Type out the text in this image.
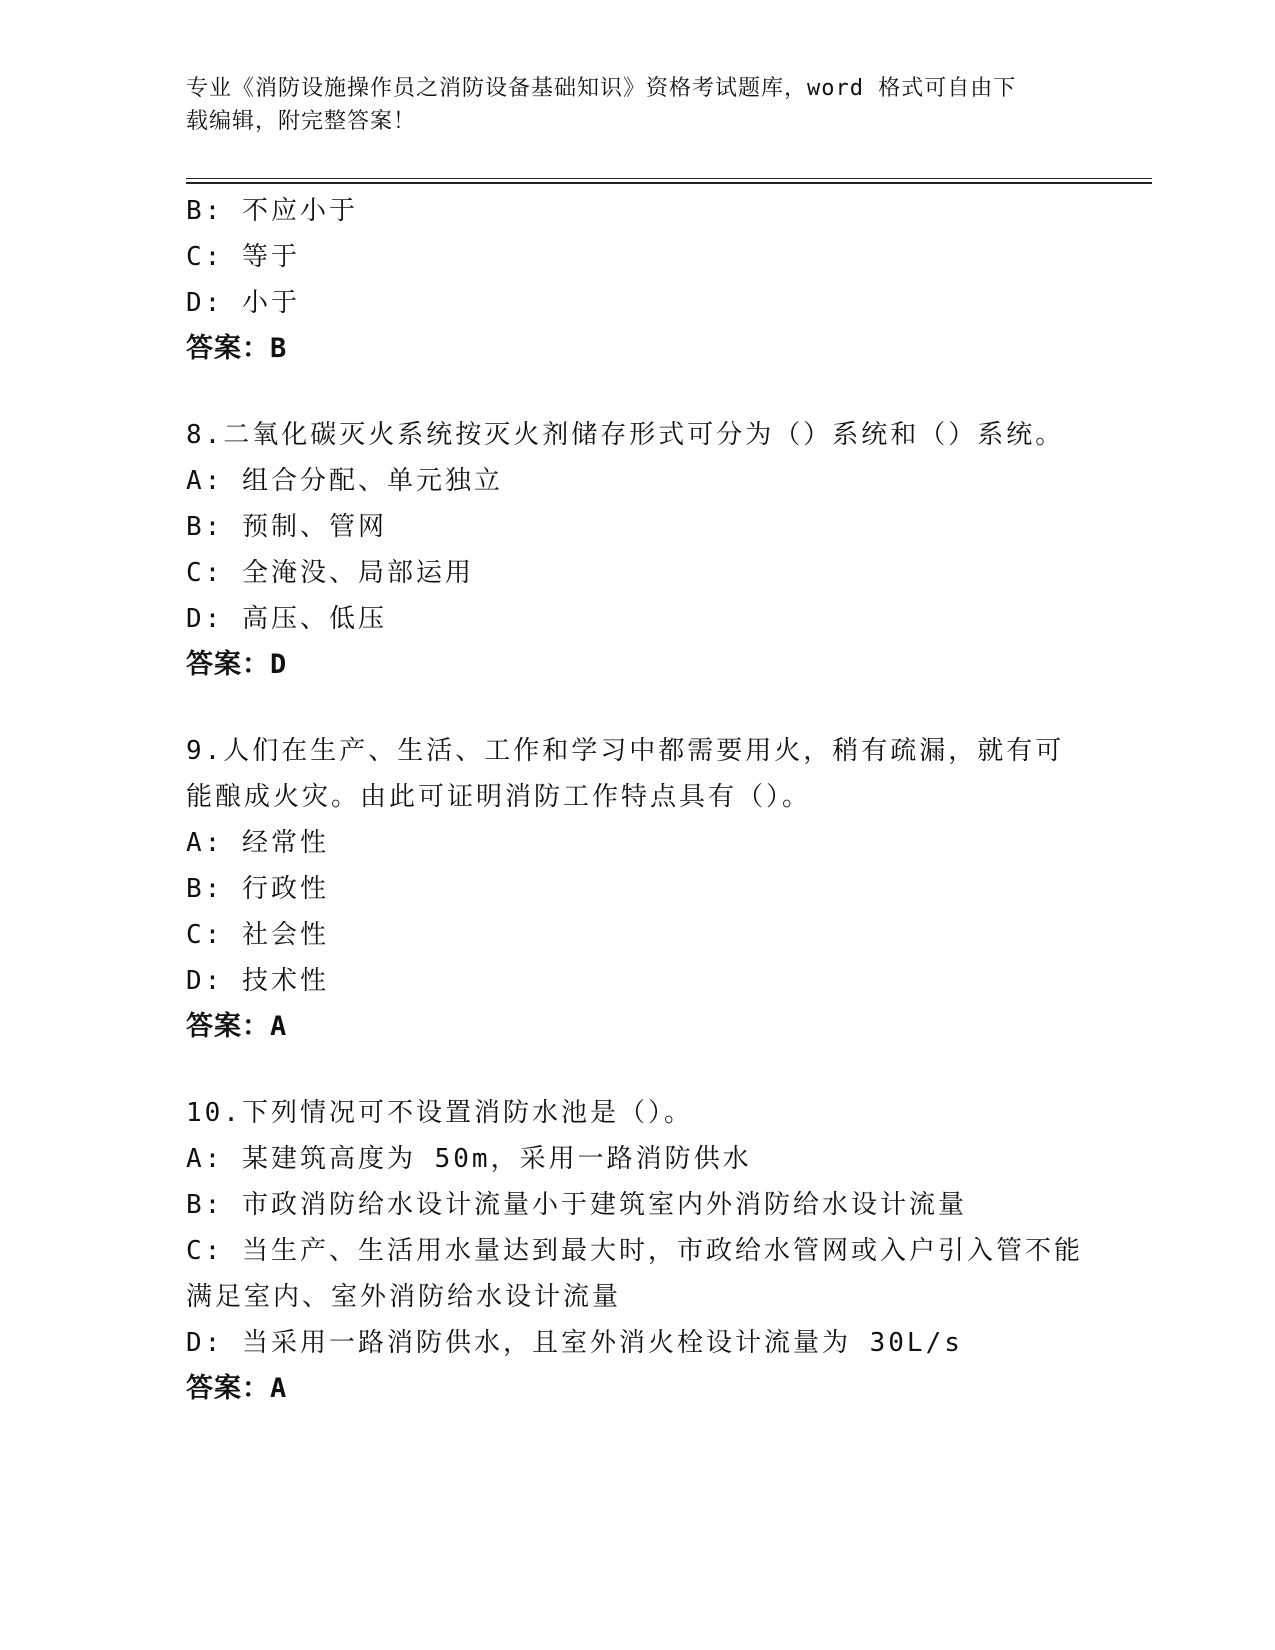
专业《消防设施操作员之消防设备基础知识》资格考试题库，word 格式可自由下
载编辑，附完整答案！
B: 不应小于
C: 等于
D: 小于
答案：B
8.二氧化碳灭火系统按灭火剂储存形式可分为（）系统和（）系统。
A: 组合分配、单元独立
B: 预制、管网
C: 全淹没、局部运用
D: 高压、低压
答案：D
9.人们在生产、生活、工作和学习中都需要用火，稍有疏漏，就有可
能酿成火灾。由此可证明消防工作特点具有（）。
A: 经常性
B: 行政性
C: 社会性
D: 技术性
答案：A
10.下列情况可不设置消防水池是（）。
A: 某建筑高度为 50m，采用一路消防供水
B: 市政消防给水设计流量小于建筑室内外消防给水设计流量
C: 当生产、生活用水量达到最大时，市政给水管网或入户引入管不能
满足室内、室外消防给水设计流量
D: 当采用一路消防供水，且室外消火栓设计流量为 30L/s
答案：A
